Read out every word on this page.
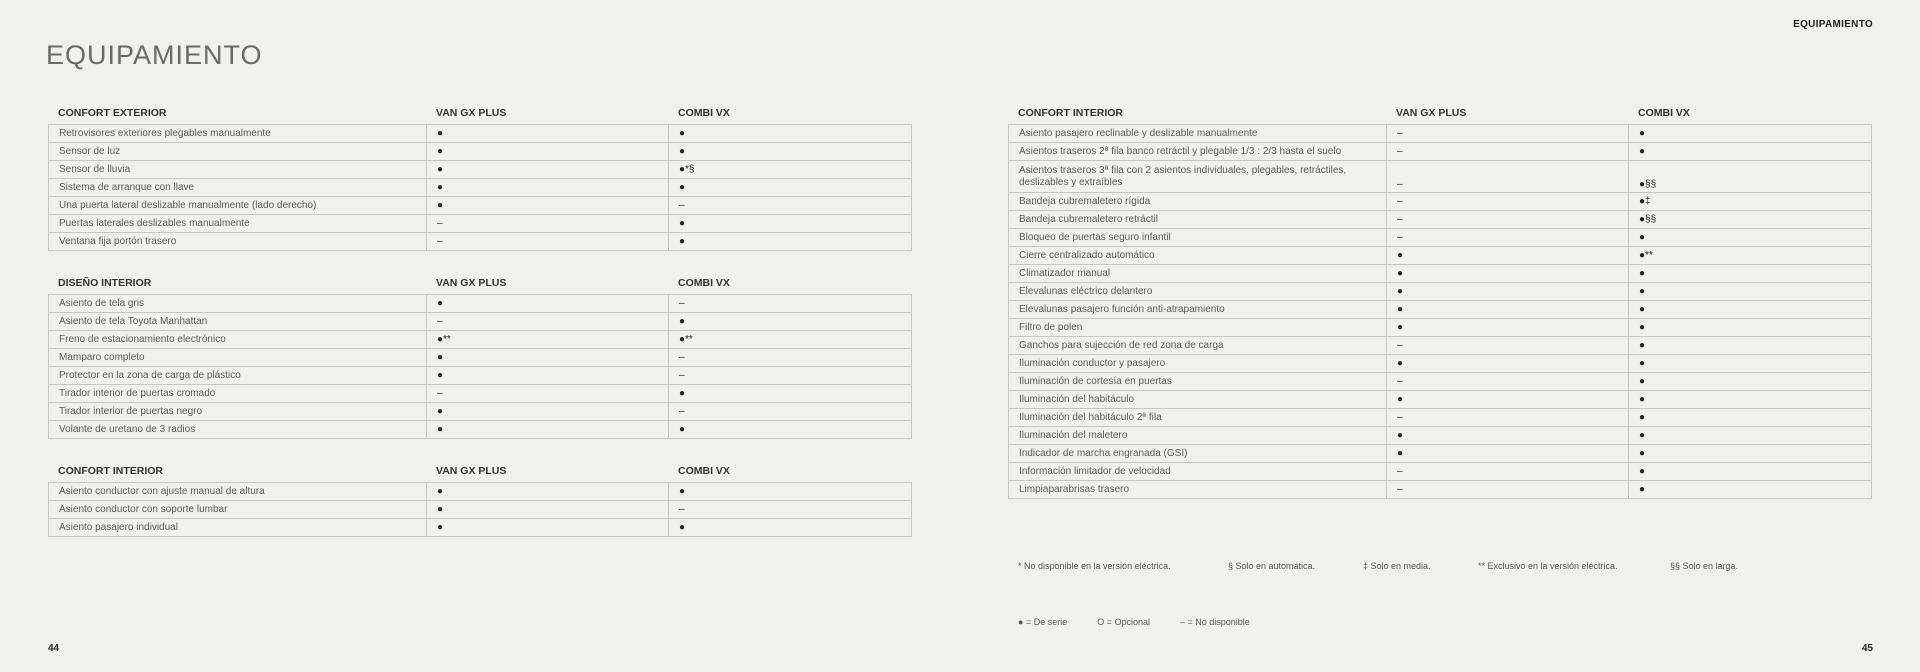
EQUIPAMIENTO
EQUIPAMIENTO
CONFORT EXTERIOR	VAN GX PLUS	COMBI VX
Retrovisores exteriores plegables manualmente	●	●
Sensor de luz	●	●
Sensor de lluvia	●	●*§
Sistema de arranque con llave	●	●
Una puerta lateral deslizable manualmente (lado derecho)	●	–
Puertas laterales deslizables manualmente	–	●
Ventana fija portón trasero	–	●
DISEÑO INTERIOR	VAN GX PLUS	COMBI VX
Asiento de tela gris	●	–
Asiento de tela Toyota Manhattan	–	●
Freno de estacionamiento electrónico	●**	●**
Mamparo completo	●	–
Protector en la zona de carga de plástico	●	–
Tirador interior de puertas cromado	–	●
Tirador interior de puertas negro	●	–
Volante de uretano de 3 radios	●	●
CONFORT INTERIOR	VAN GX PLUS	COMBI VX
Asiento conductor con ajuste manual de altura	●	●
Asiento conductor con soporte lumbar	●	–
Asiento pasajero individual	●	●
CONFORT INTERIOR	VAN GX PLUS	COMBI VX
Asiento pasajero reclinable y deslizable manualmente	–	●
Asientos traseros 2ª fila banco retráctil y plegable 1/3 : 2/3 hasta el suelo	–	●
Asientos traseros 3ª fila con 2 asientos individuales, plegables, retráctiles, deslizables y extraíbles	–	●§§
Bandeja cubremaletero rígida	–	●‡
Bandeja cubremaletero retráctil	–	●§§
Bloqueo de puertas seguro infantil	–	●
Cierre centralizado automático	●	●**
Climatizador manual	●	●
Elevalunas eléctrico delantero	●	●
Elevalunas pasajero función anti-atrapamiento	●	●
Filtro de polen	●	●
Ganchos para sujección de red zona de carga	–	●
Iluminación conductor y pasajero	●	●
Iluminación de cortesía en puertas	–	●
Iluminación del habitáculo	●	●
Iluminación del habitáculo 2ª fila	–	●
Iluminación del maletero	●	●
Indicador de marcha engranada (GSI)	●	●
Información limitador de velocidad	–	●
Limpiaparabrisas trasero	–	●
* No disponible en la versión eléctrica.	§ Solo en automática.	‡ Solo en media.	** Exclusivo en la versión eléctrica.	§§ Solo en larga.
● = De serie	O = Opcional	– = No disponible
44	45
